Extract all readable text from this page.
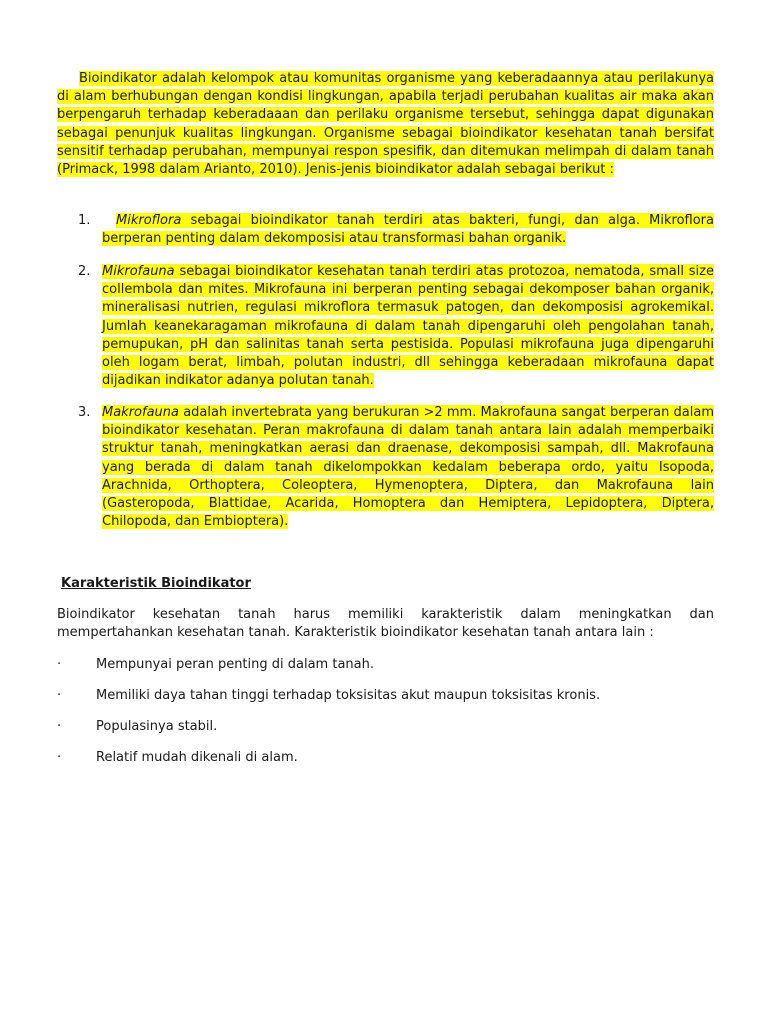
Bioindikator adalah kelompok atau komunitas organisme yang keberadaannya atau perilakunya di alam berhubungan dengan kondisi lingkungan, apabila terjadi perubahan kualitas air maka akan berpengaruh terhadap keberadaaan dan perilaku organisme tersebut, sehingga dapat digunakan sebagai penunjuk kualitas lingkungan. Organisme sebagai bioindikator kesehatan tanah bersifat sensitif terhadap perubahan, mempunyai respon spesifik, dan ditemukan melimpah di dalam tanah (Primack, 1998 dalam Arianto, 2010). Jenis-jenis bioindikator adalah sebagai berikut :

1.	Mikroflora sebagai bioindikator tanah terdiri atas bakteri, fungi, dan alga. Mikroflora berperan penting dalam dekomposisi atau transformasi bahan organik.

2. Mikrofauna sebagai bioindikator kesehatan tanah terdiri atas protozoa, nematoda, small size collembola dan mites. Mikrofauna ini berperan penting sebagai dekomposer bahan organik, mineralisasi nutrien, regulasi mikroflora termasuk patogen, dan dekomposisi agrokemikal. Jumlah keanekaragaman mikrofauna di dalam tanah dipengaruhi oleh pengolahan tanah, pemupukan, pH dan salinitas tanah serta pestisida. Populasi mikrofauna juga dipengaruhi oleh logam berat, limbah, polutan industri, dll sehingga keberadaan mikrofauna dapat dijadikan indikator adanya polutan tanah.

3. Makrofauna adalah invertebrata yang berukuran >2 mm. Makrofauna sangat berperan dalam bioindikator kesehatan. Peran makrofauna di dalam tanah antara lain adalah memperbaiki struktur tanah, meningkatkan aerasi dan draenase, dekomposisi sampah, dll. Makrofauna yang berada di dalam tanah dikelompokkan kedalam beberapa ordo, yaitu Isopoda, Arachnida, Orthoptera, Coleoptera, Hymenoptera, Diptera, dan Makrofauna lain (Gasteropoda, Blattidae, Acarida, Homoptera dan Hemiptera, Lepidoptera, Diptera, Chilopoda, dan Embioptera).

Karakteristik Bioindikator

Bioindikator kesehatan tanah harus memiliki karakteristik dalam meningkatkan dan mempertahankan kesehatan tanah. Karakteristik bioindikator kesehatan tanah antara lain :

·	Mempunyai peran penting di dalam tanah.

·	Memiliki daya tahan tinggi terhadap toksisitas akut maupun toksisitas kronis.

·	Populasinya stabil.

·	Relatif mudah dikenali di alam.
